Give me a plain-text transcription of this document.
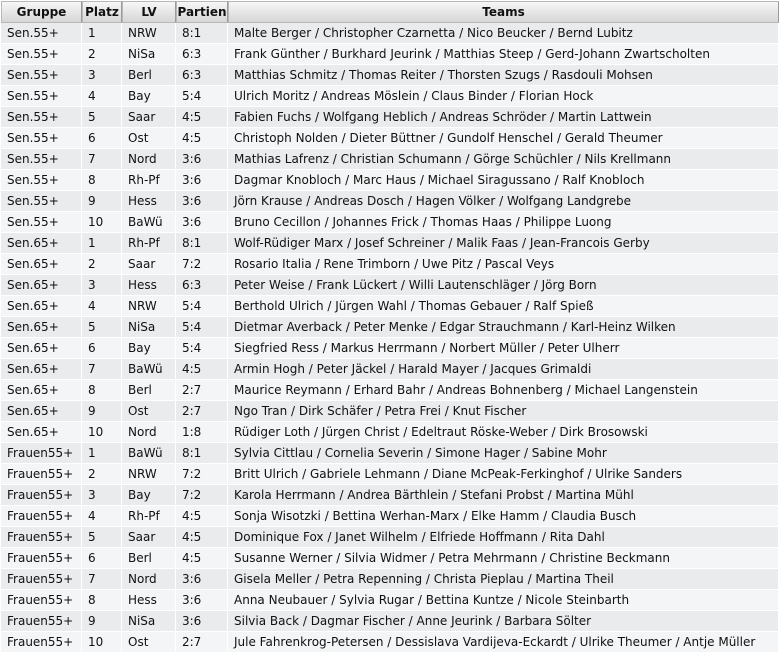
Gruppe	Platz	LV	Partien	Teams
Sen.55+	1	NRW	8:1	Malte Berger / Christopher Czarnetta / Nico Beucker / Bernd Lubitz
Sen.55+	2	NiSa	6:3	Frank Günther / Burkhard Jeurink / Matthias Steep / Gerd-Johann Zwartscholten
Sen.55+	3	Berl	6:3	Matthias Schmitz / Thomas Reiter / Thorsten Szugs / Rasdouli Mohsen
Sen.55+	4	Bay	5:4	Ulrich Moritz / Andreas Möslein / Claus Binder / Florian Hock
Sen.55+	5	Saar	4:5	Fabien Fuchs / Wolfgang Heblich / Andreas Schröder / Martin Lattwein
Sen.55+	6	Ost	4:5	Christoph Nolden / Dieter Büttner / Gundolf Henschel / Gerald Theumer
Sen.55+	7	Nord	3:6	Mathias Lafrenz / Christian Schumann / Görge Schüchler / Nils Krellmann
Sen.55+	8	Rh-Pf	3:6	Dagmar Knobloch / Marc Haus / Michael Siragussano / Ralf Knobloch
Sen.55+	9	Hess	3:6	Jörn Krause / Andreas Dosch / Hagen Völker / Wolfgang Landgrebe
Sen.55+	10	BaWü	3:6	Bruno Cecillon / Johannes Frick / Thomas Haas / Philippe Luong
Sen.65+	1	Rh-Pf	8:1	Wolf-Rüdiger Marx / Josef Schreiner / Malik Faas / Jean-Francois Gerby
Sen.65+	2	Saar	7:2	Rosario Italia / Rene Trimborn / Uwe Pitz / Pascal Veys
Sen.65+	3	Hess	6:3	Peter Weise / Frank Lückert / Willi Lautenschläger / Jörg Born
Sen.65+	4	NRW	5:4	Berthold Ulrich / Jürgen Wahl / Thomas Gebauer / Ralf Spieß
Sen.65+	5	NiSa	5:4	Dietmar Averback / Peter Menke / Edgar Strauchmann / Karl-Heinz Wilken
Sen.65+	6	Bay	5:4	Siegfried Ress / Markus Herrmann / Norbert Müller / Peter Ulherr
Sen.65+	7	BaWü	4:5	Armin Hogh / Peter Jäckel / Harald Mayer / Jacques Grimaldi
Sen.65+	8	Berl	2:7	Maurice Reymann / Erhard Bahr / Andreas Bohnenberg / Michael Langenstein
Sen.65+	9	Ost	2:7	Ngo Tran / Dirk Schäfer / Petra Frei / Knut Fischer
Sen.65+	10	Nord	1:8	Rüdiger Loth / Jürgen Christ / Edeltraut Röske-Weber / Dirk Brosowski
Frauen55+	1	BaWü	8:1	Sylvia Cittlau / Cornelia Severin / Simone Hager / Sabine Mohr
Frauen55+	2	NRW	7:2	Britt Ulrich / Gabriele Lehmann / Diane McPeak-Ferkinghof / Ulrike Sanders
Frauen55+	3	Bay	7:2	Karola Herrmann / Andrea Bärthlein / Stefani Probst / Martina Mühl
Frauen55+	4	Rh-Pf	4:5	Sonja Wisotzki / Bettina Werhan-Marx / Elke Hamm / Claudia Busch
Frauen55+	5	Saar	4:5	Dominique Fox / Janet Wilhelm / Elfriede Hoffmann / Rita Dahl
Frauen55+	6	Berl	4:5	Susanne Werner / Silvia Widmer / Petra Mehrmann / Christine Beckmann
Frauen55+	7	Nord	3:6	Gisela Meller / Petra Repenning / Christa Pieplau / Martina Theil
Frauen55+	8	Hess	3:6	Anna Neubauer / Sylvia Rugar / Bettina Kuntze / Nicole Steinbarth
Frauen55+	9	NiSa	3:6	Silvia Back / Dagmar Fischer / Anne Jeurink / Barbara Sölter
Frauen55+	10	Ost	2:7	Jule Fahrenkrog-Petersen / Dessislava Vardijeva-Eckardt / Ulrike Theumer / Antje Müller
